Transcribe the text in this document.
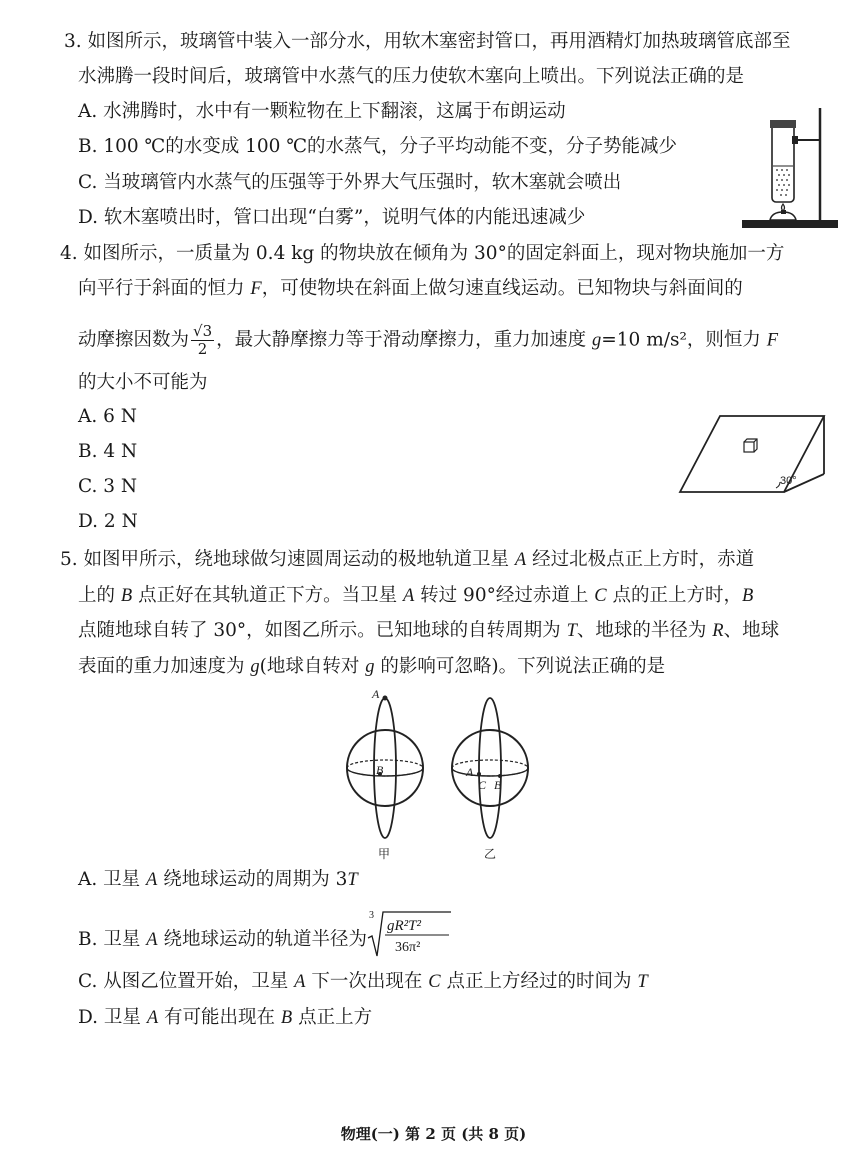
3. 如图所示，玻璃管中装入一部分水，用软木塞密封管口，再用酒精灯加热玻璃管底部至
水沸腾一段时间后，玻璃管中水蒸气的压力使软木塞向上喷出。下列说法正确的是
A. 水沸腾时，水中有一颗粒物在上下翻滚，这属于布朗运动
B. 100 ℃的水变成 100 ℃的水蒸气，分子平均动能不变，分子势能减少
C. 当玻璃管内水蒸气的压强等于外界大气压强时，软木塞就会喷出
D. 软木塞喷出时，管口出现“白雾”，说明气体的内能迅速减少
4. 如图所示，一质量为 0.4 kg 的物块放在倾角为 30°的固定斜面上，现对物块施加一方
向平行于斜面的恒力 F，可使物块在斜面上做匀速直线运动。已知物块与斜面间的
动摩擦因数为 $\frac{√3}{2}$ ，最大静摩擦力等于滑动摩擦力，重力加速度 g=10 m/s²，则恒力 F
的大小不可能为
A. 6 N
B. 4 N
C. 3 N
D. 2 N
30°
5. 如图甲所示，绕地球做匀速圆周运动的极地轨道卫星 A 经过北极点正上方时，赤道
上的 B 点正好在其轨道正下方。当卫星 A 转过 90°经过赤道上 C 点的正上方时，B
点随地球自转了 30°，如图乙所示。已知地球的自转周期为 T、地球的半径为 R、地球
表面的重力加速度为 g(地球自转对 g 的影响可忽略)。下列说法正确的是
A
B
甲
A
C B
乙
A. 卫星 A 绕地球运动的周期为 3T
B. 卫星 A 绕地球运动的轨道半径为
3
gR²T²
36π²
C. 从图乙位置开始，卫星 A 下一次出现在 C 点正上方经过的时间为 T
D. 卫星 A 有可能出现在 B 点正上方
物理(一) 第 2 页 (共 8 页)
